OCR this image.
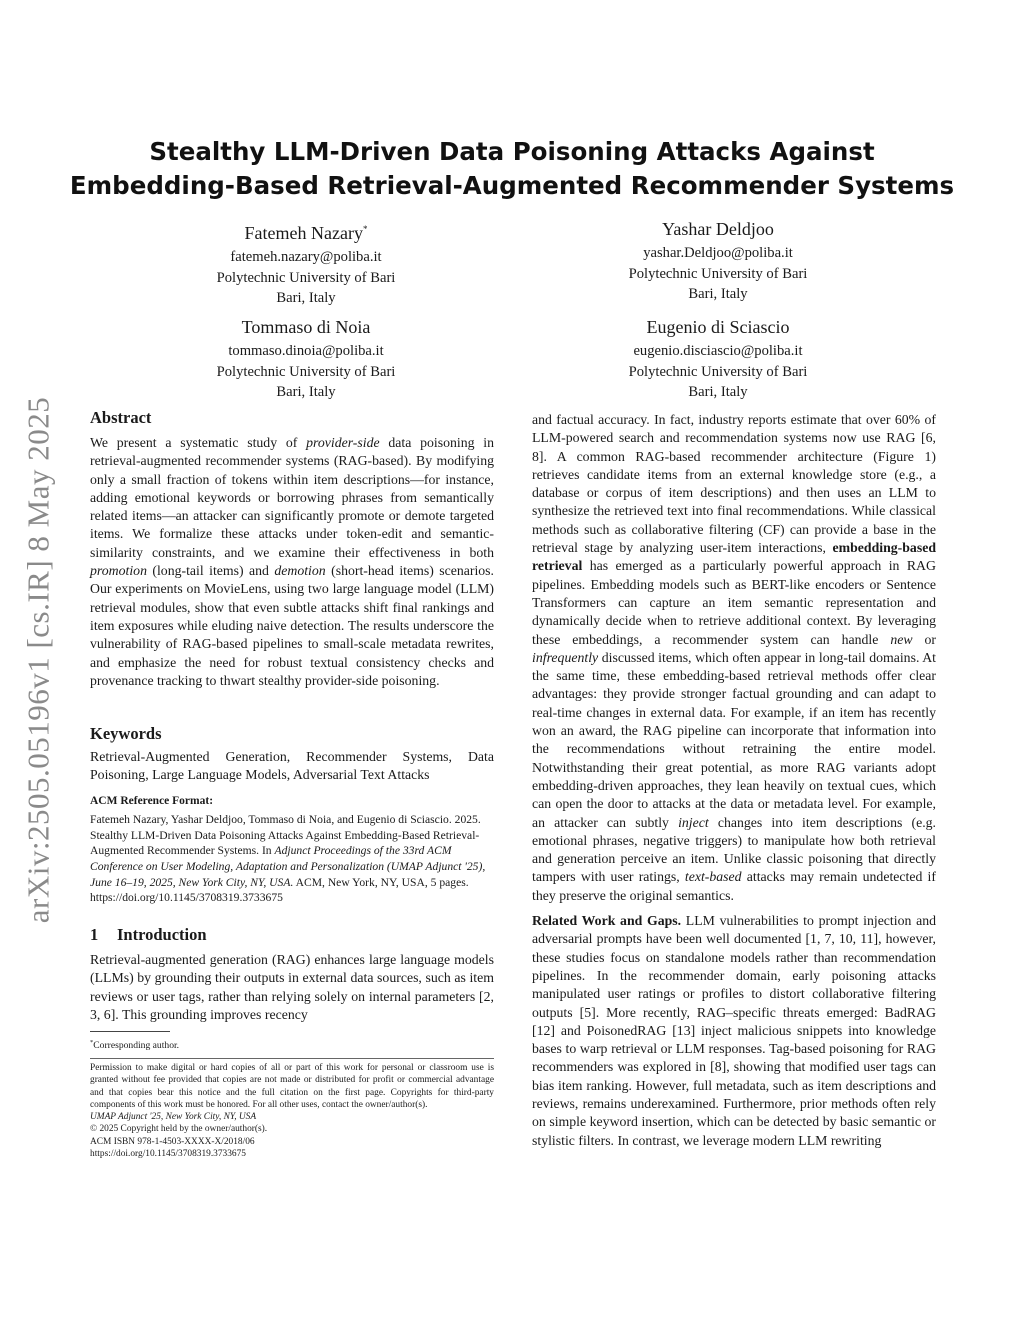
arXiv:2505.05196v1 [cs.IR] 8 May 2025
Stealthy LLM-Driven Data Poisoning Attacks Against
Embedding-Based Retrieval-Augmented Recommender Systems
Fatemeh Nazary*
fatemeh.nazary@poliba.it
Polytechnic University of Bari
Bari, Italy
Yashar Deldjoo
yashar.Deldjoo@poliba.it
Polytechnic University of Bari
Bari, Italy
Tommaso di Noia
tommaso.dinoia@poliba.it
Polytechnic University of Bari
Bari, Italy
Eugenio di Sciascio
eugenio.disciascio@poliba.it
Polytechnic University of Bari
Bari, Italy
Abstract

We present a systematic study of provider-side data poisoning in retrieval-augmented recommender systems (RAG-based). By modifying only a small fraction of tokens within item descriptions—for instance, adding emotional keywords or borrowing phrases from semantically related items—an attacker can significantly promote or demote targeted items. We formalize these attacks under token-edit and semantic-similarity constraints, and we examine their effectiveness in both promotion (long-tail items) and demotion (short-head items) scenarios. Our experiments on MovieLens, using two large language model (LLM) retrieval modules, show that even subtle attacks shift final rankings and item exposures while eluding naive detection. The results underscore the vulnerability of RAG-based pipelines to small-scale metadata rewrites, and emphasize the need for robust textual consistency checks and provenance tracking to thwart stealthy provider-side poisoning.

Keywords

Retrieval-Augmented Generation, Recommender Systems, Data Poisoning, Large Language Models, Adversarial Text Attacks

ACM Reference Format:

Fatemeh Nazary, Yashar Deldjoo, Tommaso di Noia, and Eugenio di Sciascio. 2025. Stealthy LLM-Driven Data Poisoning Attacks Against Embedding-Based Retrieval-Augmented Recommender Systems. In Adjunct Proceedings of the 33rd ACM Conference on User Modeling, Adaptation and Personalization (UMAP Adjunct '25), June 16–19, 2025, New York City, NY, USA. ACM, New York, NY, USA, 5 pages. https://doi.org/10.1145/3708319.3733675

1 Introduction

Retrieval-augmented generation (RAG) enhances large language models (LLMs) by grounding their outputs in external data sources, such as item reviews or user tags, rather than relying solely on internal parameters [2, 3, 6]. This grounding improves recency

*Corresponding author.
Permission to make digital or hard copies of all or part of this work for personal or classroom use is granted without fee provided that copies are not made or distributed for profit or commercial advantage and that copies bear this notice and the full citation on the first page. Copyrights for third-party components of this work must be honored. For all other uses, contact the owner/author(s).
UMAP Adjunct '25, New York City, NY, USA
© 2025 Copyright held by the owner/author(s).
ACM ISBN 978-1-4503-XXXX-X/2018/06
https://doi.org/10.1145/3708319.3733675

and factual accuracy. In fact, industry reports estimate that over 60% of LLM-powered search and recommendation systems now use RAG [6, 8]. A common RAG-based recommender architecture (Figure 1) retrieves candidate items from an external knowledge store (e.g., a database or corpus of item descriptions) and then uses an LLM to synthesize the retrieved text into final recommendations. While classical methods such as collaborative filtering (CF) can provide a base in the retrieval stage by analyzing user-item interactions, embedding-based retrieval has emerged as a particularly powerful approach in RAG pipelines. Embedding models such as BERT-like encoders or Sentence Transformers can capture an item semantic representation and dynamically decide when to retrieve additional context. By leveraging these embeddings, a recommender system can handle new or infrequently discussed items, which often appear in long-tail domains. At the same time, these embedding-based retrieval methods offer clear advantages: they provide stronger factual grounding and can adapt to real-time changes in external data. For example, if an item has recently won an award, the RAG pipeline can incorporate that information into the recommendations without retraining the entire model. Notwithstanding their great potential, as more RAG variants adopt embedding-driven approaches, they lean heavily on textual cues, which can open the door to attacks at the data or metadata level. For example, an attacker can subtly inject changes into item descriptions (e.g. emotional phrases, negative triggers) to manipulate how both retrieval and generation perceive an item. Unlike classic poisoning that directly tampers with user ratings, text-based attacks may remain undetected if they preserve the original semantics.

Related Work and Gaps. LLM vulnerabilities to prompt injection and adversarial prompts have been well documented [1, 7, 10, 11], however, these studies focus on standalone models rather than recommendation pipelines. In the recommender domain, early poisoning attacks manipulated user ratings or profiles to distort collaborative filtering outputs [5]. More recently, RAG–specific threats emerged: BadRAG [12] and PoisonedRAG [13] inject malicious snippets into knowledge bases to warp retrieval or LLM responses. Tag-based poisoning for RAG recommenders was explored in [8], showing that modified user tags can bias item ranking. However, full metadata, such as item descriptions and reviews, remains underexamined. Furthermore, prior methods often rely on simple keyword insertion, which can be detected by basic semantic or stylistic filters. In contrast, we leverage modern LLM rewriting
